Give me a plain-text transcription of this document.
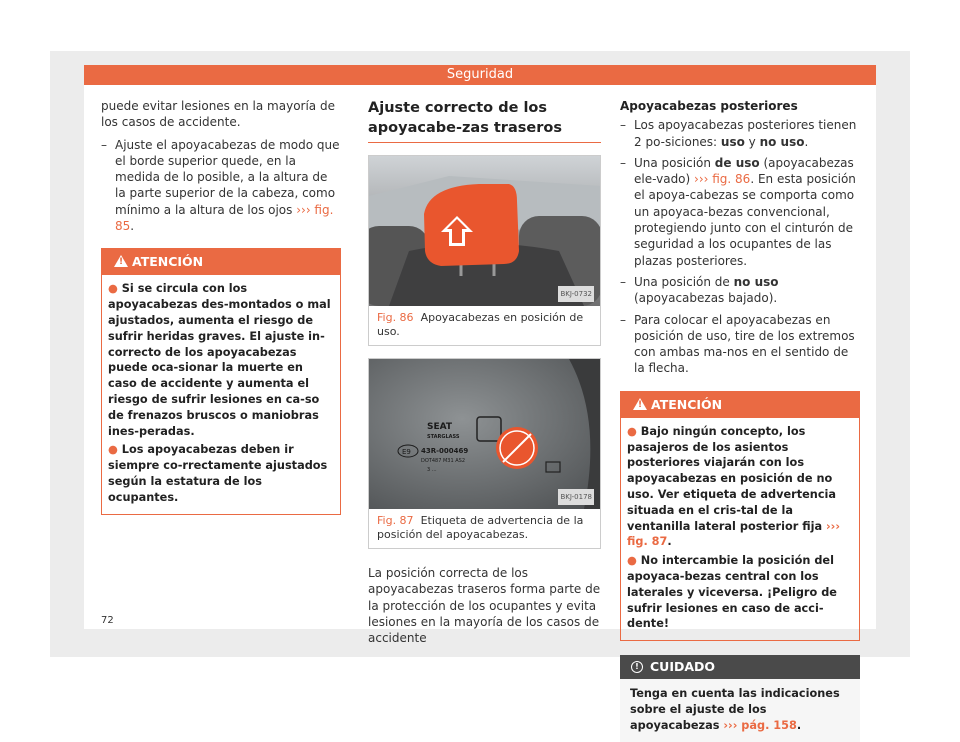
Seguridad

puede evitar lesiones en la mayoría de los casos de accidente.

– Ajuste el apoyacabezas de modo que el borde superior quede, en la medida de lo posible, a la altura de la parte superior de la cabeza, como mínimo a la altura de los ojos ››› fig. 85.

!
ATENCIÓN

● Si se circula con los apoyacabezas des-montados o mal ajustados, aumenta el riesgo de sufrir heridas graves. El ajuste in-correcto de los apoyacabezas puede oca-sionar la muerte en caso de accidente y aumenta el riesgo de sufrir lesiones en ca-so de frenazos bruscos o maniobras ines-peradas.

● Los apoyacabezas deben ir siempre co-rrectamente ajustados según la estatura de los ocupantes.

Ajuste correcto de los apoyacabe-zas traseros
BKJ-0732
Fig. 86 Apoyacabezas en posición de uso.
SEAT
STARGLASS
E9 43R-000469
DOT487 M31 AS2
3 ...
BKJ-0178
Fig. 87 Etiqueta de advertencia de la posición del apoyacabezas.

La posición correcta de los apoyacabezas traseros forma parte de la protección de los ocupantes y evita lesiones en la mayoría de los casos de accidente

Apoyacabezas posteriores

– Los apoyacabezas posteriores tienen 2 po-siciones: uso y no uso.

– Una posición de uso (apoyacabezas ele-vado) ››› fig. 86. En esta posición el apoya-cabezas se comporta como un apoyaca-bezas convencional, protegiendo junto con el cinturón de seguridad a los ocupantes de las plazas posteriores.

– Una posición de no uso (apoyacabezas bajado).

– Para colocar el apoyacabezas en posición de uso, tire de los extremos con ambas ma-nos en el sentido de la flecha.

!
ATENCIÓN

● Bajo ningún concepto, los pasajeros de los asientos posteriores viajarán con los apoyacabezas en posición de no uso. Ver etiqueta de advertencia situada en el cris-tal de la ventanilla lateral posterior fija ››› fig. 87.

● No intercambie la posición del apoyaca-bezas central con los laterales y viceversa. ¡Peligro de sufrir lesiones en caso de acci-dente!

! CUIDADO
Tenga en cuenta las indicaciones sobre el ajuste de los apoyacabezas ››› pág. 158.
72
